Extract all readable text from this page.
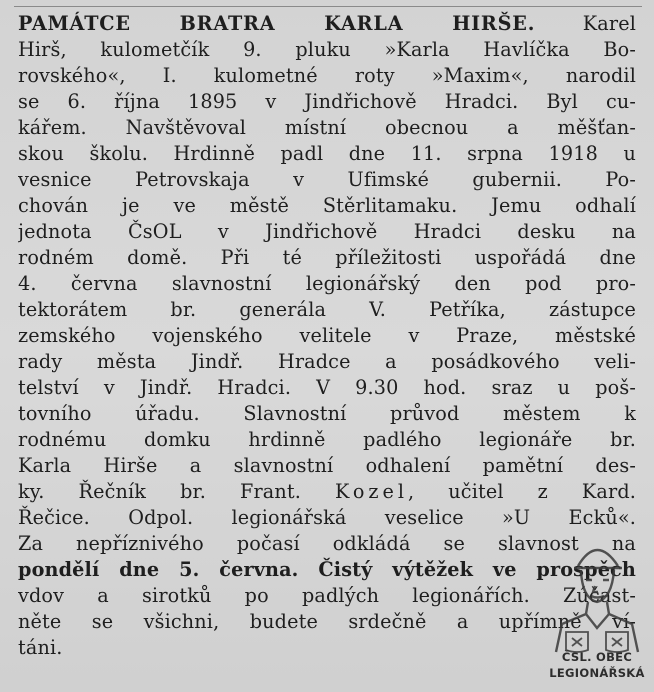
PAMÁTCE BRATRA KARLA HIRŠE. Karel
Hirš, kulometčík 9. pluku »Karla Havlíčka Bo-
rovského«, I. kulometné roty »Maxim«, narodil
se 6. října 1895 v Jindřichově Hradci. Byl cu-
kářem. Navštěvoval místní obecnou a měšťan-
skou školu. Hrdinně padl dne 11. srpna 1918 u
vesnice Petrovskaja v Ufimské gubernii. Po-
chován je ve městě Stěrlitamaku. Jemu odhalí
jednota ČsOL v Jindřichově Hradci desku na
rodném domě. Při té příležitosti uspořádá dne
4. června slavnostní legionářský den pod pro-
tektorátem br. generála V. Petříka, zástupce
zemského vojenského velitele v Praze, městské
rady města Jindř. Hradce a posádkového veli-
telství v Jindř. Hradci. V 9.30 hod. sraz u poš-
tovního úřadu. Slavnostní průvod městem k
rodnému domku hrdinně padlého legionáře br.
Karla Hirše a slavnostní odhalení pamětní des-
ky. Řečník br. Frant. Kozel, učitel z Kard.
Řečice. Odpol. legionářská veselice »U Ecků«.
Za nepříznivého počasí odkládá se slavnost na
pondělí dne 5. června. Čistý výtěžek ve prospěch
vdov a sirotků po padlých legionářích. Zúčast-
něte se všichni, budete srdečně a upřímně ví-
táni.	ČSL. OBEC
LEGIONÁŘSKÁ
